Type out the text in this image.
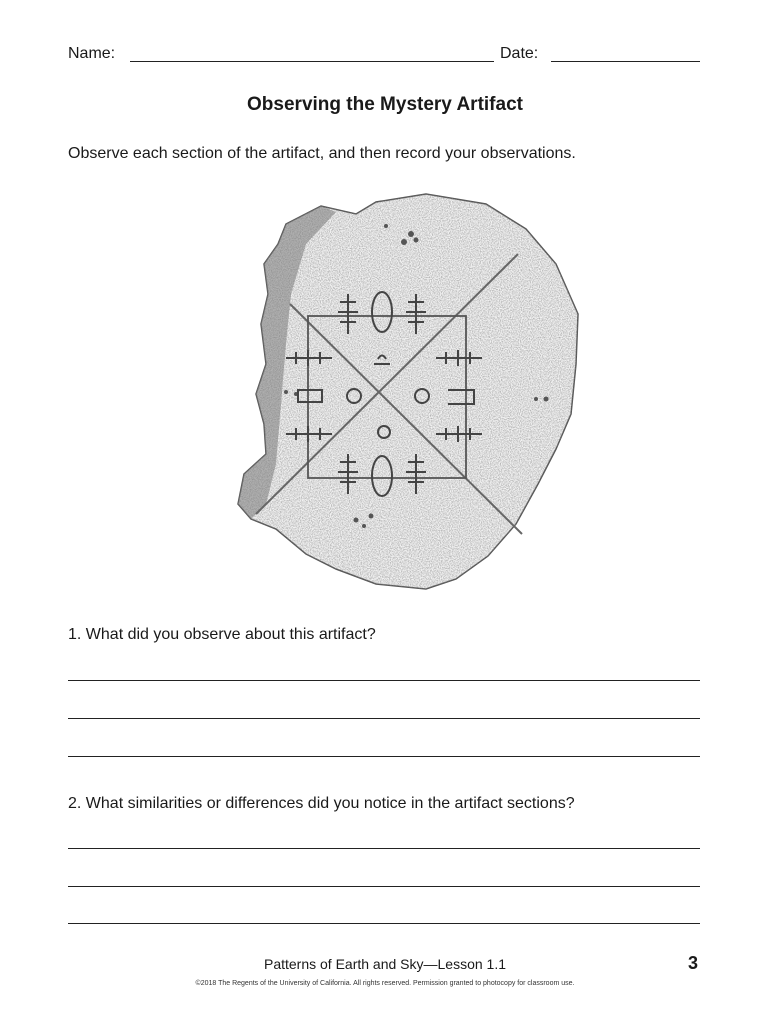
Name:	Date:
Observing the Mystery Artifact
Observe each section of the artifact, and then record your observations.
1. What did you observe about this artifact?
2. What similarities or differences did you notice in the artifact sections?
Patterns of Earth and Sky—Lesson 1.1	3
©2018 The Regents of the University of California. All rights reserved. Permission granted to photocopy for classroom use.
